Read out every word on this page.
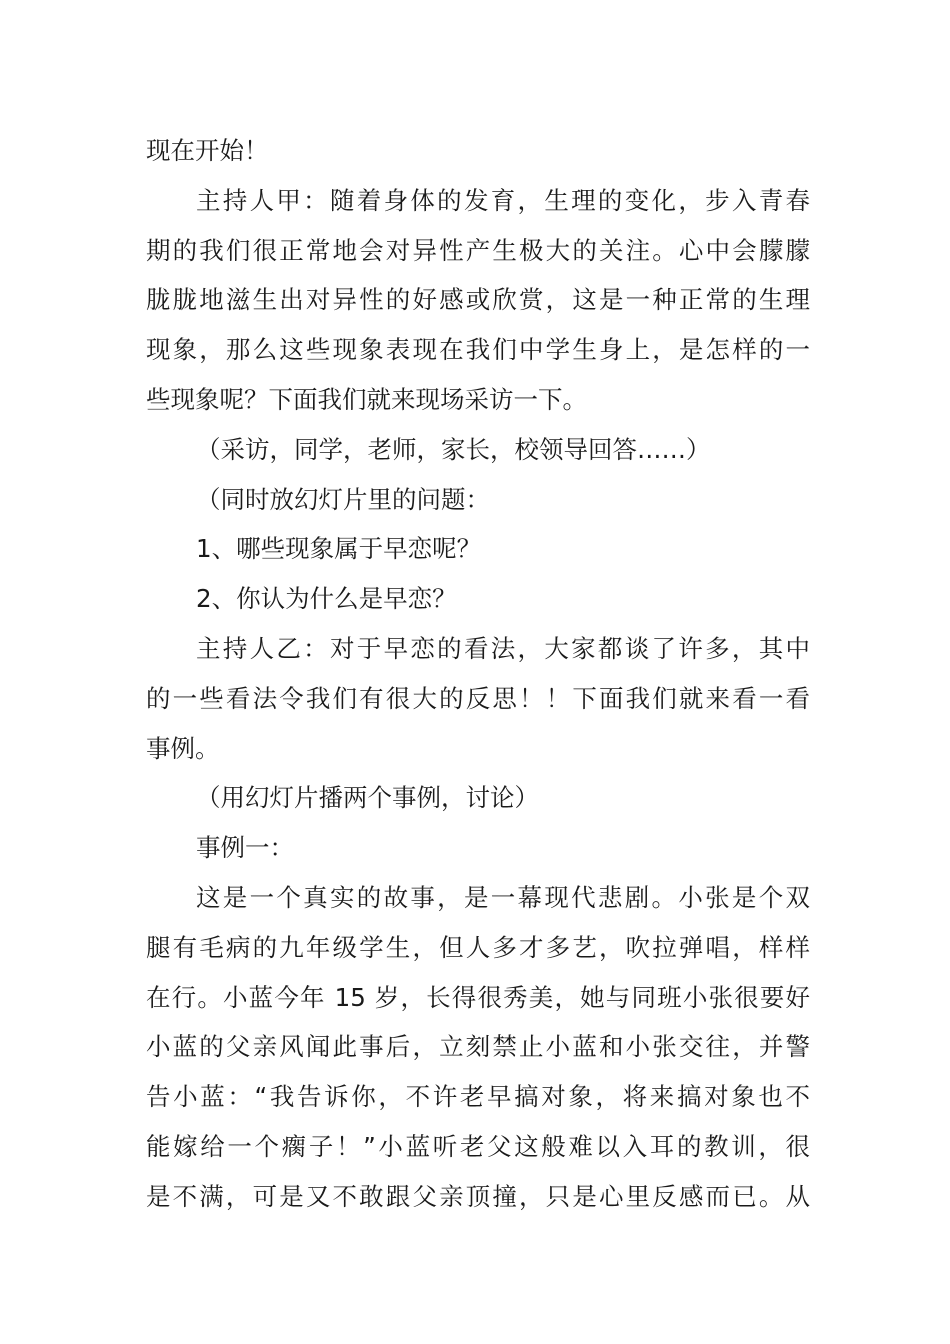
现在开始！
主持人甲：随着身体的发育，生理的变化，步入青春
期的我们很正常地会对异性产生极大的关注。心中会朦朦
胧胧地滋生出对异性的好感或欣赏，这是一种正常的生理
现象，那么这些现象表现在我们中学生身上，是怎样的一
些现象呢？下面我们就来现场采访一下。
（采访，同学，老师，家长，校领导回答……）
（同时放幻灯片里的问题：
1、哪些现象属于早恋呢？
2、你认为什么是早恋？
主持人乙：对于早恋的看法，大家都谈了许多，其中
的一些看法令我们有很大的反思！！下面我们就来看一看
事例。
（用幻灯片播两个事例，讨论）
事例一：
这是一个真实的故事，是一幕现代悲剧。小张是个双
腿有毛病的九年级学生，但人多才多艺，吹拉弹唱，样样
在行。小蓝今年 15 岁，长得很秀美，她与同班小张很要好
小蓝的父亲风闻此事后，立刻禁止小蓝和小张交往，并警
告小蓝：“我告诉你，不许老早搞对象，将来搞对象也不
能嫁给一个瘸子！”小蓝听老父这般难以入耳的教训，很
是不满，可是又不敢跟父亲顶撞，只是心里反感而已。从
